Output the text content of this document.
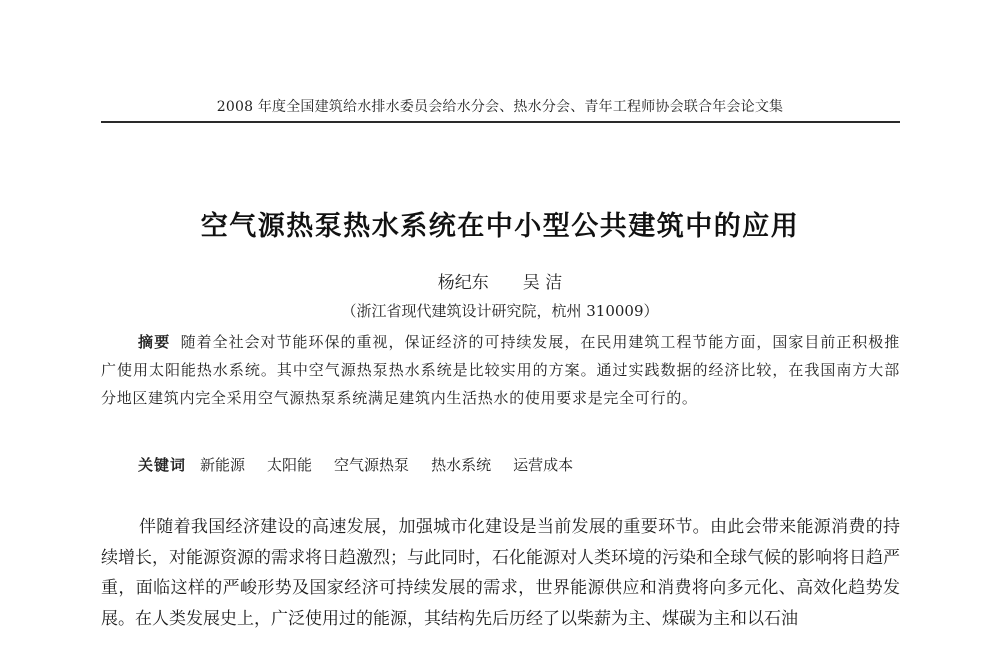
2008 年度全国建筑给水排水委员会给水分会、热水分会、青年工程师协会联合年会论文集
空气源热泵热水系统在中小型公共建筑中的应用
杨纪东 吴 洁
（浙江省现代建筑设计研究院，杭州 310009）
摘要 随着全社会对节能环保的重视，保证经济的可持续发展，在民用建筑工程节能方面，国家目前正积极推广使用太阳能热水系统。其中空气源热泵热水系统是比较实用的方案。通过实践数据的经济比较，在我国南方大部分地区建筑内完全采用空气源热泵系统满足建筑内生活热水的使用要求是完全可行的。
关键词 新能源 太阳能 空气源热泵 热水系统 运营成本
伴随着我国经济建设的高速发展，加强城市化建设是当前发展的重要环节。由此会带来能源消费的持续增长，对能源资源的需求将日趋激烈；与此同时，石化能源对人类环境的污染和全球气候的影响将日趋严重，面临这样的严峻形势及国家经济可持续发展的需求，世界能源供应和消费将向多元化、高效化趋势发展。在人类发展史上，广泛使用过的能源，其结构先后历经了以柴薪为主、煤碳为主和以石油
